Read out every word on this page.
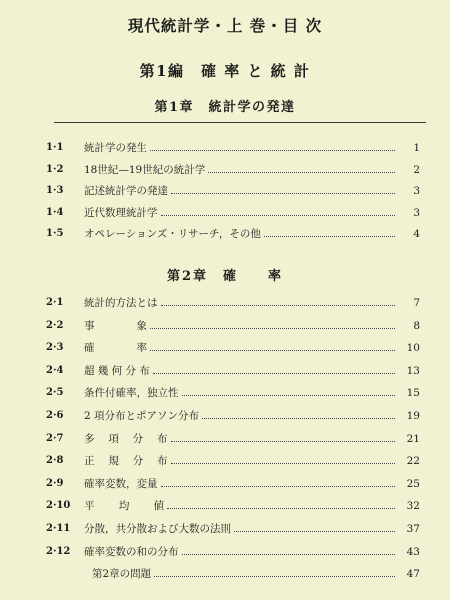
現代統計学・上 巻・目 次
第1編　確 率 と 統 計
第1章　統計学の発達
1·1	統計学の発生	1
1·2	18世紀—19世紀の統計学	2
1·3	記述統計学の発達	3
1·4	近代数理統計学	3
1·5	オペレーションズ・リサーチ，その他	4
第2章　確　　率
2·1	統計的方法とは	7
2·2	事　　　　象	8
2·3	確　　　　率	10
2·4	超 幾 何 分 布	13
2·5	条件付確率，独立性	15
2·6	2 項分布とポアソン分布	19
2·7	多 　項 　分 　布	21
2·8	正 　規 　分 　布	22
2·9	確率変数，変量	25
2·10	平 　　均 　　値	32
2·11	分散，共分散および大数の法則	37
2·12	確率変数の和の分布	43
第2章の問題	47
